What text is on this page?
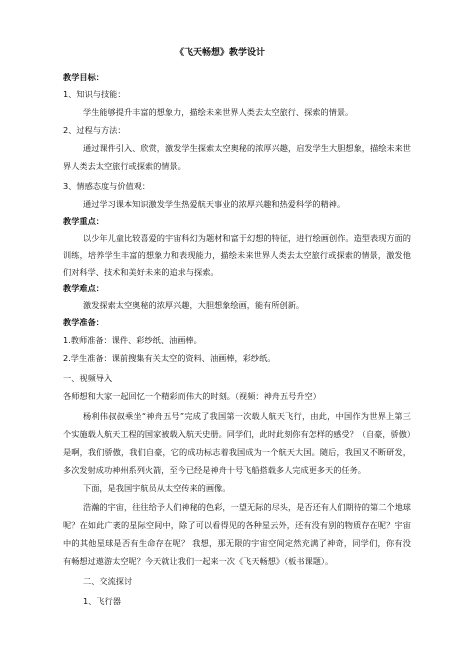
《飞天畅想》教学设计
教学目标：
1、知识与技能：
学生能够提升丰富的想象力，描绘未来世界人类去太空旅行、探索的情景。
2、过程与方法：
通过课件引入、欣赏，激发学生探索太空奥秘的浓厚兴趣，启发学生大胆想象，描绘未来世
界人类去太空旅行或探索的情景。
3、情感态度与价值观：
通过学习课本知识激发学生热爱航天事业的浓厚兴趣和热爱科学的精神。
教学重点：
以少年儿童比较喜爱的宇宙科幻为题材和富于幻想的特征，进行绘画创作。造型表现方面的
训练，培养学生丰富的想象力和表现能力，描绘未来世界人类去太空旅行或探索的情景，激发他
们对科学、技术和美好未来的追求与探索。
教学难点：
激发探索太空奥秘的浓厚兴趣，大胆想象绘画，能有所创新。
教学准备：
1.教师准备：课件、彩纱纸、油画棒。
2.学生准备：课前搜集有关太空的资料、油画棒，彩纱纸。
一、视频导入
各师想和大家一起回忆一个精彩而伟大的时刻。（视频：神舟五号升空）
杨利伟叔叔乘坐“神舟五号”完成了我国第一次载人航天飞行，由此，中国作为世界上第三
个实施载人航天工程的国家被载入航天史册。同学们，此时此刻你有怎样的感受？（自豪，骄傲）
是啊，我们骄傲，我们自豪，它的成功标志着我国成为一个航天大国。随后，我国又不断研发，
多次发射成功神州系列火箭，至今已经是神舟十号飞船搭载多人完成更多天的任务。
下面，是我国宇航员从太空传来的画像。
浩瀚的宇宙，往往给予人们神秘的色彩，一望无际的尽头，是否还有人们期待的第二个地球
呢？在如此广袤的星际空间中，除了可以看得见的各种星云外，还有没有别的物质存在呢？宇宙
中的其他星球是否有生命存在呢？ 我想，那无限的宇宙空间定然充满了神奇，同学们，你有没
有畅想过遨游太空呢？今天就让我们一起来一次《飞天畅想》（板书课题）。
二、交流探讨
1、飞行器
